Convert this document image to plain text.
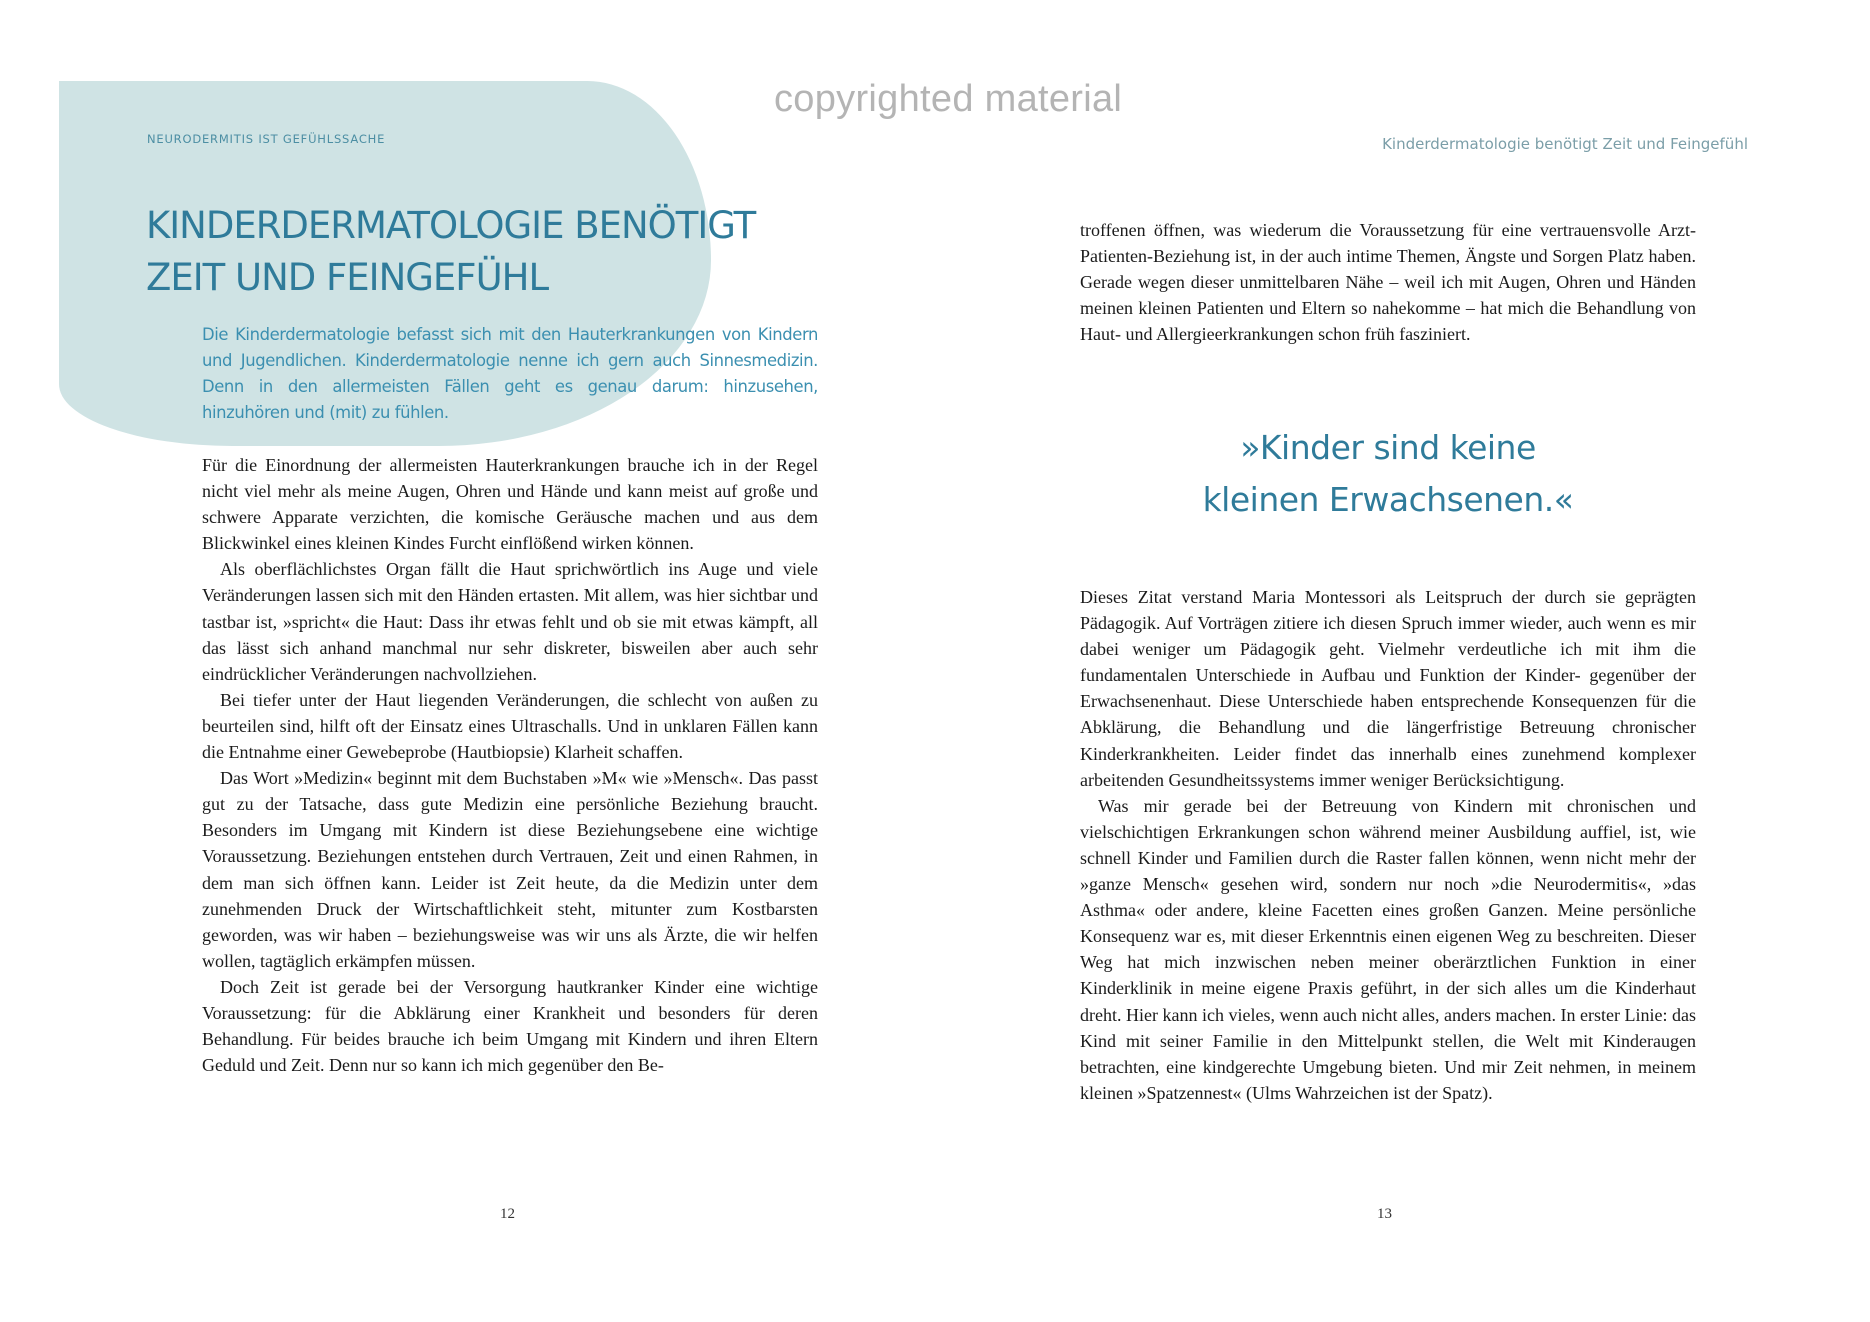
copyrighted material
NEURODERMITIS IST GEFÜHLSSACHE
KINDERDERMATOLOGIE BENÖTIGT
ZEIT UND FEINGEFÜHL

Die Kinderdermatologie befasst sich mit den Hauterkrankungen von Kindern und Jugendlichen. Kinderdermatologie nenne ich gern auch Sinnesmedizin. Denn in den allermeisten Fällen geht es genau darum: hinzusehen, hinzuhören und (mit) zu fühlen.

Für die Einordnung der allermeisten Hauterkrankungen brauche ich in der Regel nicht viel mehr als meine Augen, Ohren und Hände und kann meist auf große und schwere Apparate verzichten, die komische Geräusche machen und aus dem Blickwinkel eines kleinen Kindes Furcht einflößend wirken können.

Als oberflächlichstes Organ fällt die Haut sprichwörtlich ins Auge und viele Veränderungen lassen sich mit den Händen ertasten. Mit allem, was hier sichtbar und tastbar ist, »spricht« die Haut: Dass ihr etwas fehlt und ob sie mit etwas kämpft, all das lässt sich anhand manchmal nur sehr diskreter, bisweilen aber auch sehr eindrücklicher Veränderungen nachvollziehen.

Bei tiefer unter der Haut liegenden Veränderungen, die schlecht von außen zu beurteilen sind, hilft oft der Einsatz eines Ultraschalls. Und in unklaren Fällen kann die Entnahme einer Gewebeprobe (Hautbiopsie) Klarheit schaffen.

Das Wort »Medizin« beginnt mit dem Buchstaben »M« wie »Mensch«. Das passt gut zu der Tatsache, dass gute Medizin eine persönliche Beziehung braucht. Besonders im Umgang mit Kindern ist diese Beziehungsebene eine wichtige Voraussetzung. Beziehungen entstehen durch Vertrauen, Zeit und einen Rahmen, in dem man sich öffnen kann. Leider ist Zeit heute, da die Medizin unter dem zunehmenden Druck der Wirtschaftlichkeit steht, mitunter zum Kostbarsten geworden, was wir haben – beziehungsweise was wir uns als Ärzte, die wir helfen wollen, tagtäglich erkämpfen müssen.

Doch Zeit ist gerade bei der Versorgung hautkranker Kinder eine wichtige Voraussetzung: für die Abklärung einer Krankheit und besonders für deren Behandlung. Für beides brauche ich beim Umgang mit Kindern und ihren Eltern Geduld und Zeit. Denn nur so kann ich mich gegenüber den Be-

12
Kinderdermatologie benötigt Zeit und Feingefühl

troffenen öffnen, was wiederum die Voraussetzung für eine vertrauensvolle Arzt-Patienten-Beziehung ist, in der auch intime Themen, Ängste und Sorgen Platz haben. Gerade wegen dieser unmittelbaren Nähe – weil ich mit Augen, Ohren und Händen meinen kleinen Patienten und Eltern so nahekomme – hat mich die Behandlung von Haut- und Allergieerkrankungen schon früh fasziniert.

»Kinder sind keine
kleinen Erwachsenen.«

Dieses Zitat verstand Maria Montessori als Leitspruch der durch sie geprägten Pädagogik. Auf Vorträgen zitiere ich diesen Spruch immer wieder, auch wenn es mir dabei weniger um Pädagogik geht. Vielmehr verdeutliche ich mit ihm die fundamentalen Unterschiede in Aufbau und Funktion der Kinder- gegenüber der Erwachsenenhaut. Diese Unterschiede haben entsprechende Konsequenzen für die Abklärung, die Behandlung und die längerfristige Betreuung chronischer Kinderkrankheiten. Leider findet das innerhalb eines zunehmend komplexer arbeitenden Gesundheitssystems immer weniger Berücksichtigung.

Was mir gerade bei der Betreuung von Kindern mit chronischen und vielschichtigen Erkrankungen schon während meiner Ausbildung auffiel, ist, wie schnell Kinder und Familien durch die Raster fallen können, wenn nicht mehr der »ganze Mensch« gesehen wird, sondern nur noch »die Neurodermitis«, »das Asthma« oder andere, kleine Facetten eines großen Ganzen. Meine persönliche Konsequenz war es, mit dieser Erkenntnis einen eigenen Weg zu beschreiten. Dieser Weg hat mich inzwischen neben meiner oberärztlichen Funktion in einer Kinderklinik in meine eigene Praxis geführt, in der sich alles um die Kinderhaut dreht. Hier kann ich vieles, wenn auch nicht alles, anders machen. In erster Linie: das Kind mit seiner Familie in den Mittelpunkt stellen, die Welt mit Kinderaugen betrachten, eine kindgerechte Umgebung bieten. Und mir Zeit nehmen, in meinem kleinen »Spatzennest« (Ulms Wahrzeichen ist der Spatz).

13
